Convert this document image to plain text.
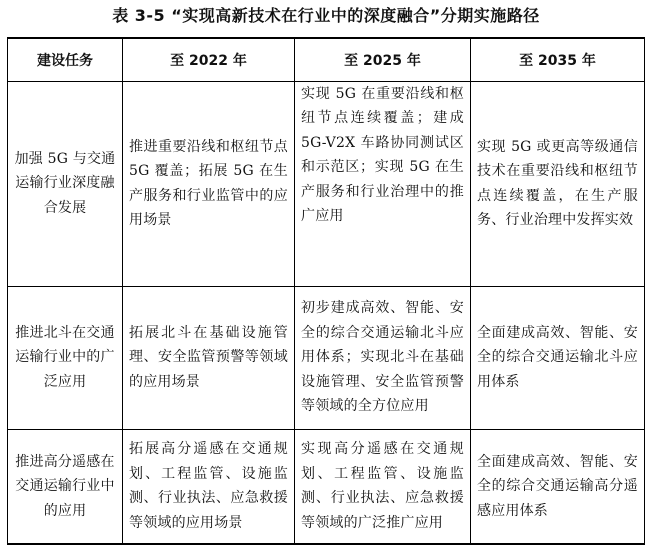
表 3-5 “实现高新技术在行业中的深度融合”分期实施路径
建设任务	至 2022 年	至 2025 年	至 2035 年
加强 5G 与交通运输行业深度融合发展	推进重要沿线和枢纽节点 5G 覆盖；拓展 5G 在生产服务和行业监管中的应用场景	实现 5G 在重要沿线和枢纽节点连续覆盖；建成 5G-V2X 车路协同测试区和示范区；实现 5G 在生产服务和行业治理中的推广应用	实现 5G 或更高等级通信技术在重要沿线和枢纽节点连续覆盖，在生产服务、行业治理中发挥实效
推进北斗在交通运输行业中的广泛应用	拓展北斗在基础设施管理、安全监管预警等领域的应用场景	初步建成高效、智能、安全的综合交通运输北斗应用体系；实现北斗在基础设施管理、安全监管预警等领域的全方位应用	全面建成高效、智能、安全的综合交通运输北斗应用体系
推进高分遥感在交通运输行业中的应用	拓展高分遥感在交通规划、工程监管、设施监测、行业执法、应急救援等领域的应用场景	实现高分遥感在交通规划、工程监管、设施监测、行业执法、应急救援等领域的广泛推广应用	全面建成高效、智能、安全的综合交通运输高分遥感应用体系
